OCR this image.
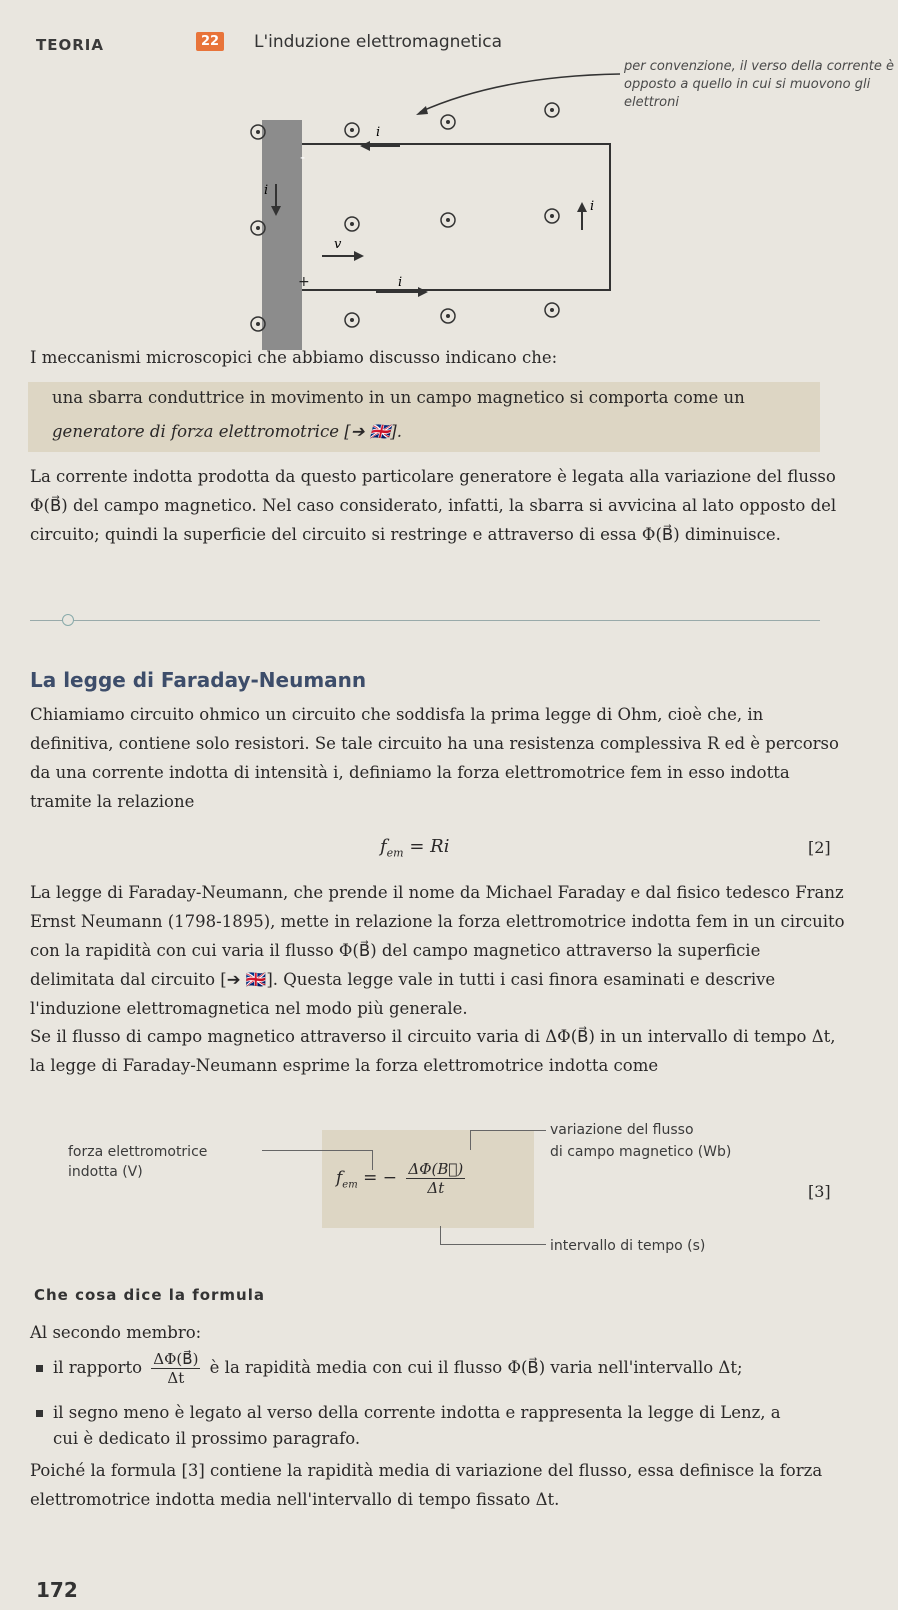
TEORIA	22 L'induzione elettromagnetica
i
i
i
i
v
-
+
per convenzione, il verso della corrente è opposto a quello in cui si muovono gli elettroni
I meccanismi microscopici che abbiamo discusso indicano che:

una sbarra conduttrice in movimento in un campo magnetico si comporta come un

generatore di forza elettromotrice [➔ 🇬🇧].

La corrente indotta prodotta da questo particolare generatore è legata alla variazione del flusso Φ(B⃗) del campo magnetico. Nel caso considerato, infatti, la sbarra si avvicina al lato opposto del circuito; quindi la superficie del circuito si restringe e attraverso di essa Φ(B⃗) diminuisce.

La legge di Faraday-Neumann

Chiamiamo circuito ohmico un circuito che soddisfa la prima legge di Ohm, cioè che, in definitiva, contiene solo resistori. Se tale circuito ha una resistenza complessiva R ed è percorso da una corrente indotta di intensità i, definiamo la forza elettromotrice fem in esso indotta tramite la relazione

$f_{em} = Ri$	[2]

La legge di Faraday-Neumann, che prende il nome da Michael Faraday e dal fisico tedesco Franz Ernst Neumann (1798-1895), mette in relazione la forza elettromotrice indotta fem in un circuito con la rapidità con cui varia il flusso Φ(B⃗) del campo magnetico attraverso la superficie delimitata dal circuito [➔ 🇬🇧]. Questa legge vale in tutti i casi finora esaminati e descrive l'induzione elettromagnetica nel modo più generale.

Se il flusso di campo magnetico attraverso il circuito varia di ΔΦ(B⃗) in un intervallo di tempo Δt, la legge di Faraday-Neumann esprime la forza elettromotrice indotta come

forza elettromotrice
indotta (V)
variazione del flusso
di campo magnetico (Wb)
intervallo di tempo (s)
$f_{em}$ = − $\frac{\Delta\Phi(B⃗)}{\Delta t}$	[3]
Che cosa dice la formula
Al secondo membro:
il rapporto $\frac{\Delta\Phi(B⃗)}{\Delta t}$ è la rapidità media con cui il flusso Φ(B⃗) varia nell'intervallo Δt;
il segno meno è legato al verso della corrente indotta e rappresenta la legge di Lenz, a
cui è dedicato il prossimo paragrafo.

Poiché la formula [3] contiene la rapidità media di variazione del flusso, essa definisce la forza elettromotrice indotta media nell'intervallo di tempo fissato Δt.

172
